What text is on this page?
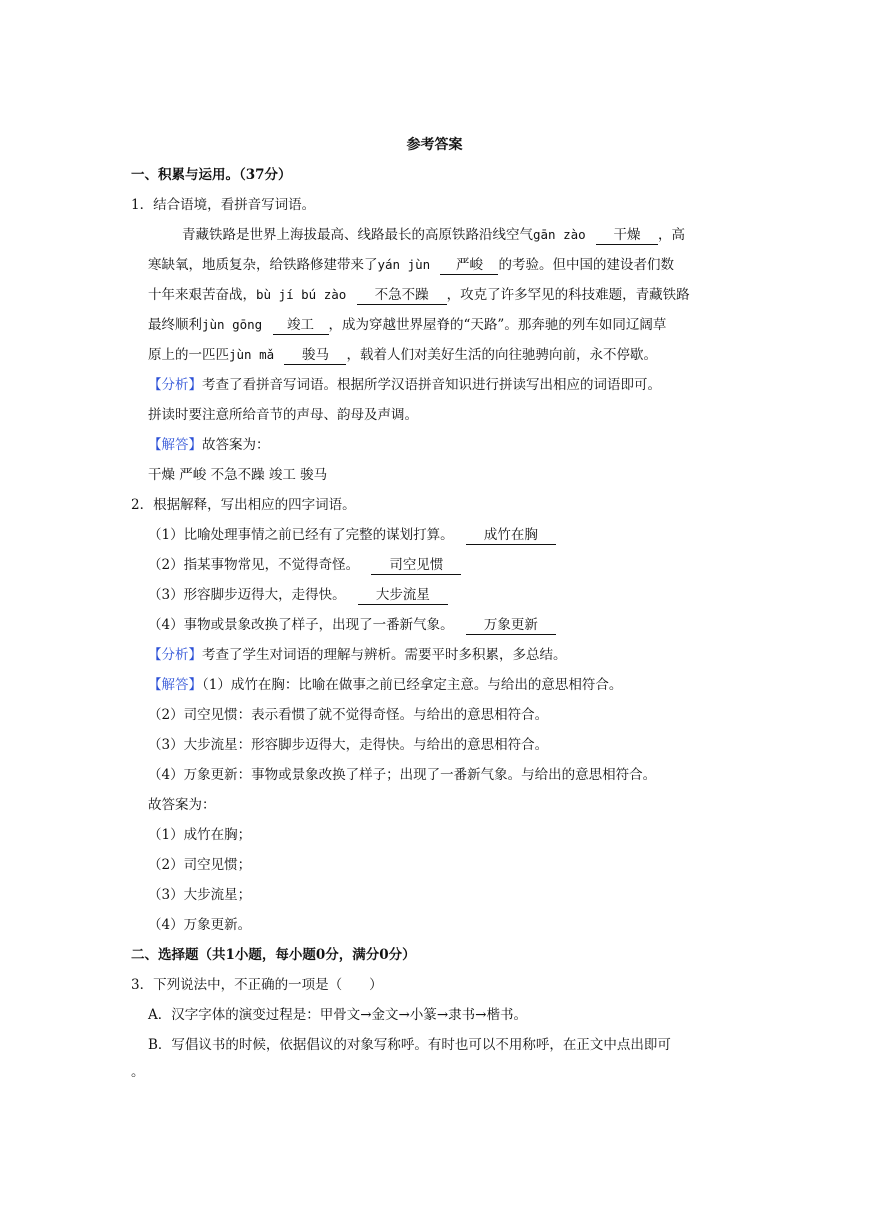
参考答案
一、积累与运用。（37分）
1．结合语境，看拼音写词语。
青藏铁路是世界上海拔最高、线路最长的高原铁路沿线空气gān zào 干燥 ，高
寒缺氧，地质复杂，给铁路修建带来了yán jùn 严峻 的考验。但中国的建设者们数
十年来艰苦奋战，bù jí bú zào 不急不躁 ，攻克了许多罕见的科技难题，青藏铁路
最终顺利jùn gōng 竣工 ，成为穿越世界屋脊的“天路”。那奔驰的列车如同辽阔草
原上的一匹匹jùn mǎ 骏马 ，载着人们对美好生活的向往驰骋向前，永不停歇。
【分析】考查了看拼音写词语。根据所学汉语拼音知识进行拼读写出相应的词语即可。
拼读时要注意所给音节的声母、韵母及声调。
【解答】故答案为：
干燥 严峻 不急不躁 竣工 骏马
2．根据解释，写出相应的四字词语。
（1）比喻处理事情之前已经有了完整的谋划打算。 成竹在胸
（2）指某事物常见，不觉得奇怪。 司空见惯
（3）形容脚步迈得大，走得快。 大步流星
（4）事物或景象改换了样子，出现了一番新气象。 万象更新
【分析】考查了学生对词语的理解与辨析。需要平时多积累，多总结。
【解答】（1）成竹在胸：比喻在做事之前已经拿定主意。与给出的意思相符合。
（2）司空见惯：表示看惯了就不觉得奇怪。与给出的意思相符合。
（3）大步流星：形容脚步迈得大，走得快。与给出的意思相符合。
（4）万象更新：事物或景象改换了样子；出现了一番新气象。与给出的意思相符合。
故答案为：
（1）成竹在胸；
（2）司空见惯；
（3）大步流星；
（4）万象更新。
二、选择题（共1小题，每小题0分，满分0分）
3．下列说法中，不正确的一项是（　　）
A．汉字字体的演变过程是：甲骨文→金文→小篆→隶书→楷书。
B．写倡议书的时候，依据倡议的对象写称呼。有时也可以不用称呼，在正文中点出即可
。
